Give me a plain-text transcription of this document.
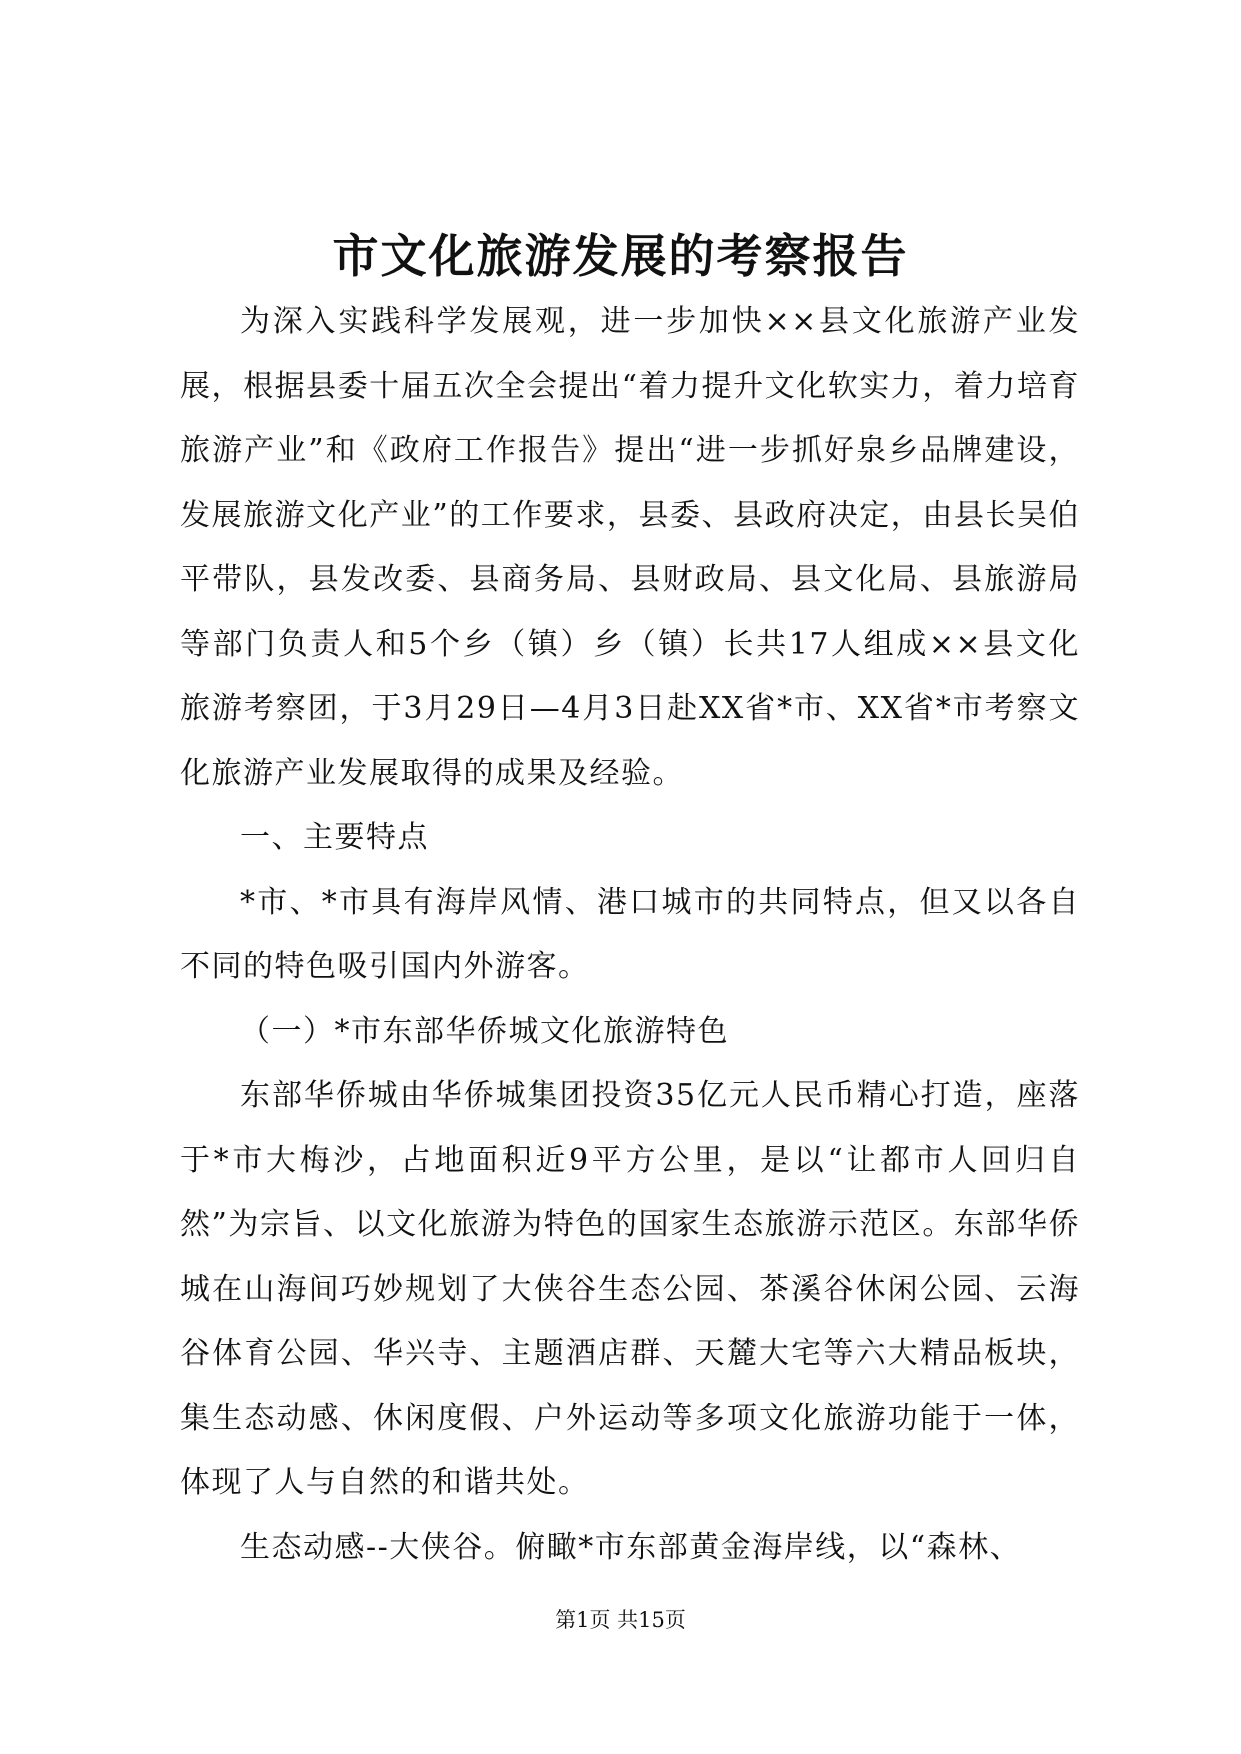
市文化旅游发展的考察报告

为深入实践科学发展观，进一步加快××县文化旅游产业发展，根据县委十届五次全会提出“着力提升文化软实力，着力培育旅游产业”和《政府工作报告》提出“进一步抓好泉乡品牌建设，发展旅游文化产业”的工作要求，县委、县政府决定，由县长吴伯平带队，县发改委、县商务局、县财政局、县文化局、县旅游局等部门负责人和5个乡（镇）乡（镇）长共17人组成××县文化旅游考察团，于3月29日—4月3日赴XX省*市、XX省*市考察文化旅游产业发展取得的成果及经验。

一、主要特点

*市、*市具有海岸风情、港口城市的共同特点，但又以各自不同的特色吸引国内外游客。

（一）*市东部华侨城文化旅游特色

东部华侨城由华侨城集团投资35亿元人民币精心打造，座落于*市大梅沙，占地面积近9平方公里，是以“让都市人回归自然”为宗旨、以文化旅游为特色的国家生态旅游示范区。东部华侨城在山海间巧妙规划了大侠谷生态公园、茶溪谷休闲公园、云海谷体育公园、华兴寺、主题酒店群、天麓大宅等六大精品板块，集生态动感、休闲度假、户外运动等多项文化旅游功能于一体，体现了人与自然的和谐共处。

生态动感--大侠谷。俯瞰*市东部黄金海岸线，以“森林、

第1页 共15页
